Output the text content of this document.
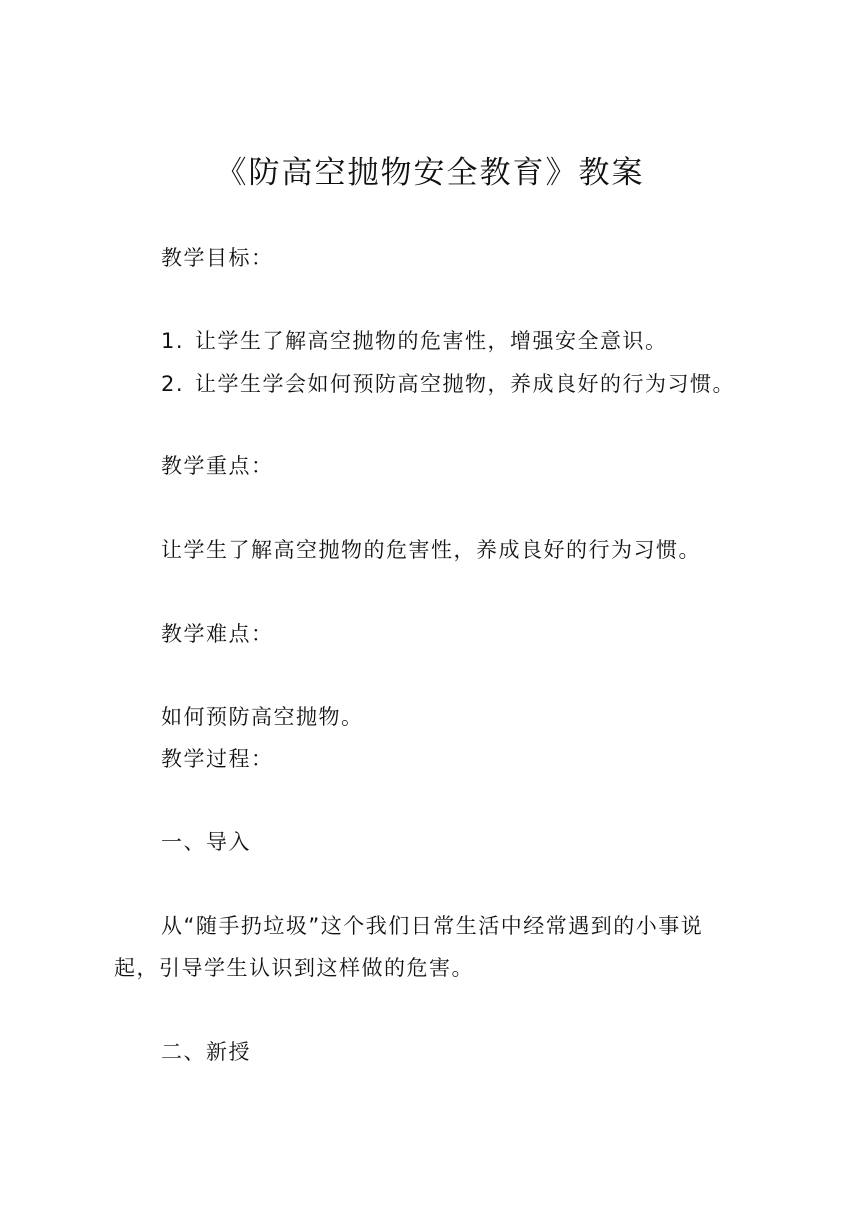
《防高空抛物安全教育》教案

教学目标：

1. 让学生了解高空抛物的危害性，增强安全意识。

2. 让学生学会如何预防高空抛物，养成良好的行为习惯。

教学重点：

让学生了解高空抛物的危害性，养成良好的行为习惯。

教学难点：

如何预防高空抛物。

教学过程：

一、导入

从“随手扔垃圾”这个我们日常生活中经常遇到的小事说

起，引导学生认识到这样做的危害。

二、新授
